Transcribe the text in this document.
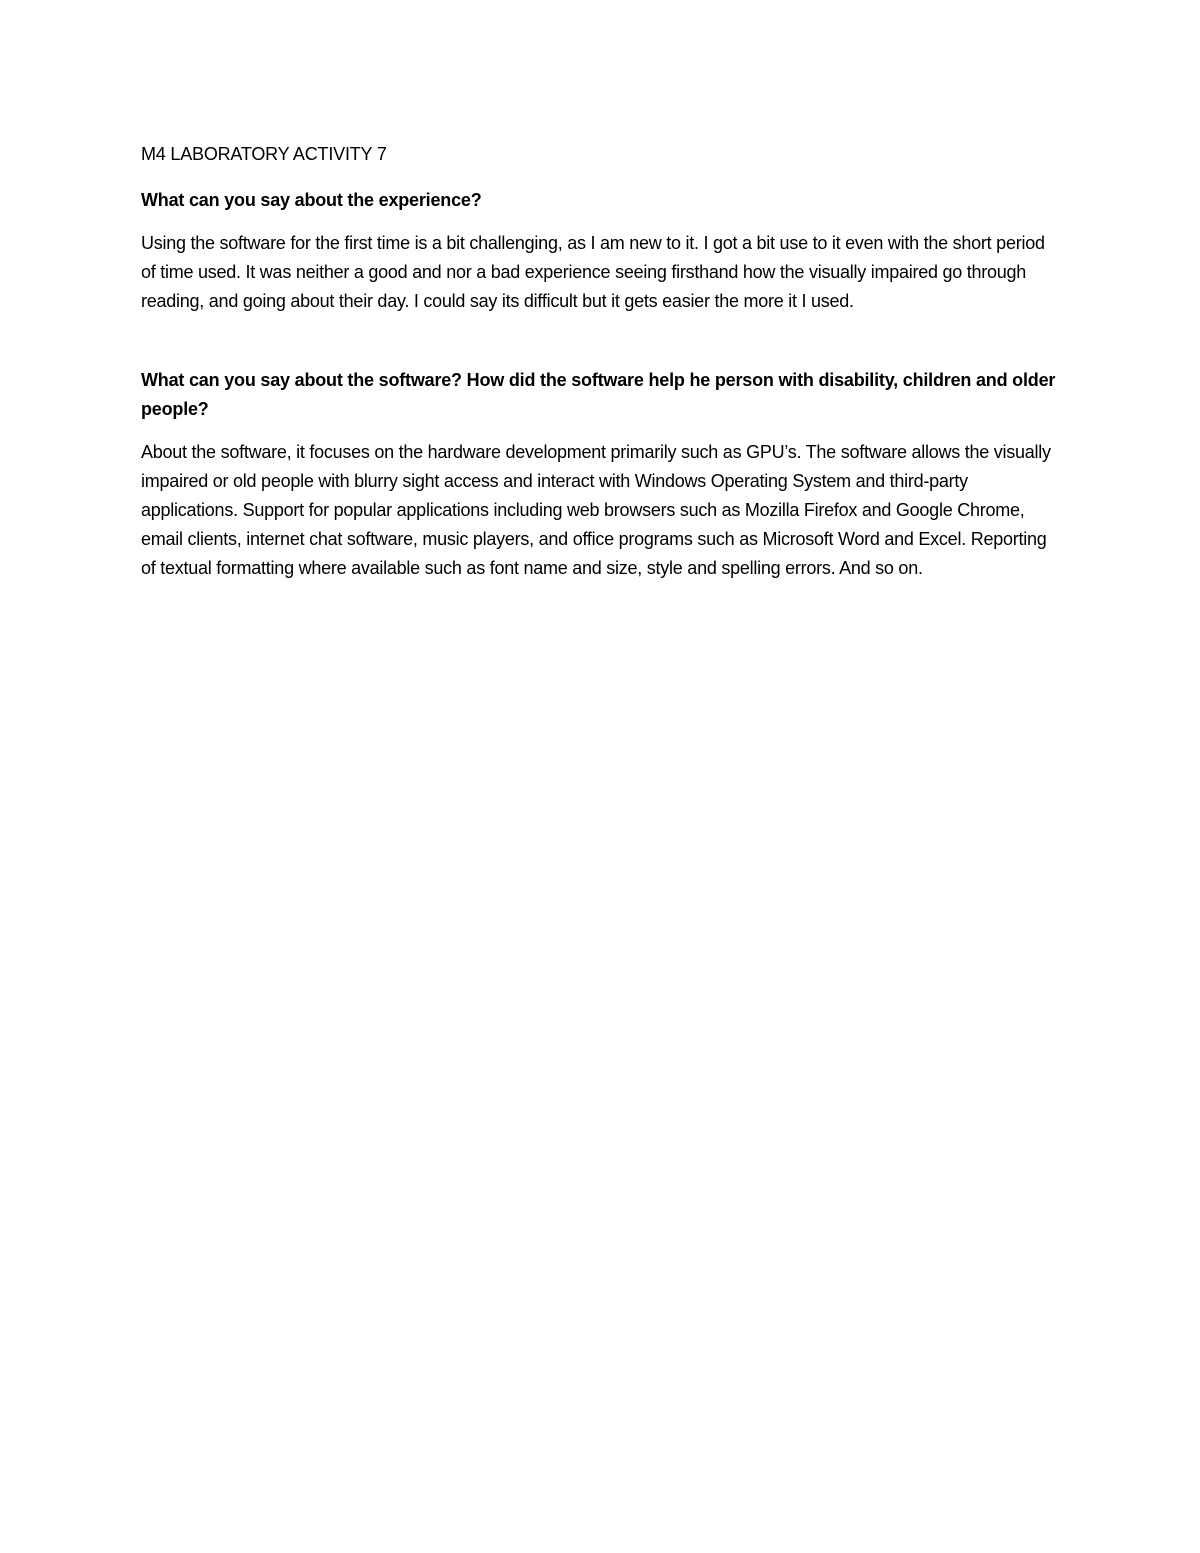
M4 LABORATORY ACTIVITY 7
What can you say about the experience?

Using the software for the first time is a bit challenging, as I am new to it. I got a bit use to it even with the short period of time used. It was neither a good and nor a bad experience seeing firsthand how the visually impaired go through reading, and going about their day. I could say its difficult but it gets easier the more it I used.

What can you say about the software? How did the software help he person with disability, children and older people?

About the software, it focuses on the hardware development primarily such as GPU’s. The software allows the visually impaired or old people with blurry sight access and interact with Windows Operating System and third-party applications. Support for popular applications including web browsers such as Mozilla Firefox and Google Chrome, email clients, internet chat software, music players, and office programs such as Microsoft Word and Excel. Reporting of textual formatting where available such as font name and size, style and spelling errors. And so on.
